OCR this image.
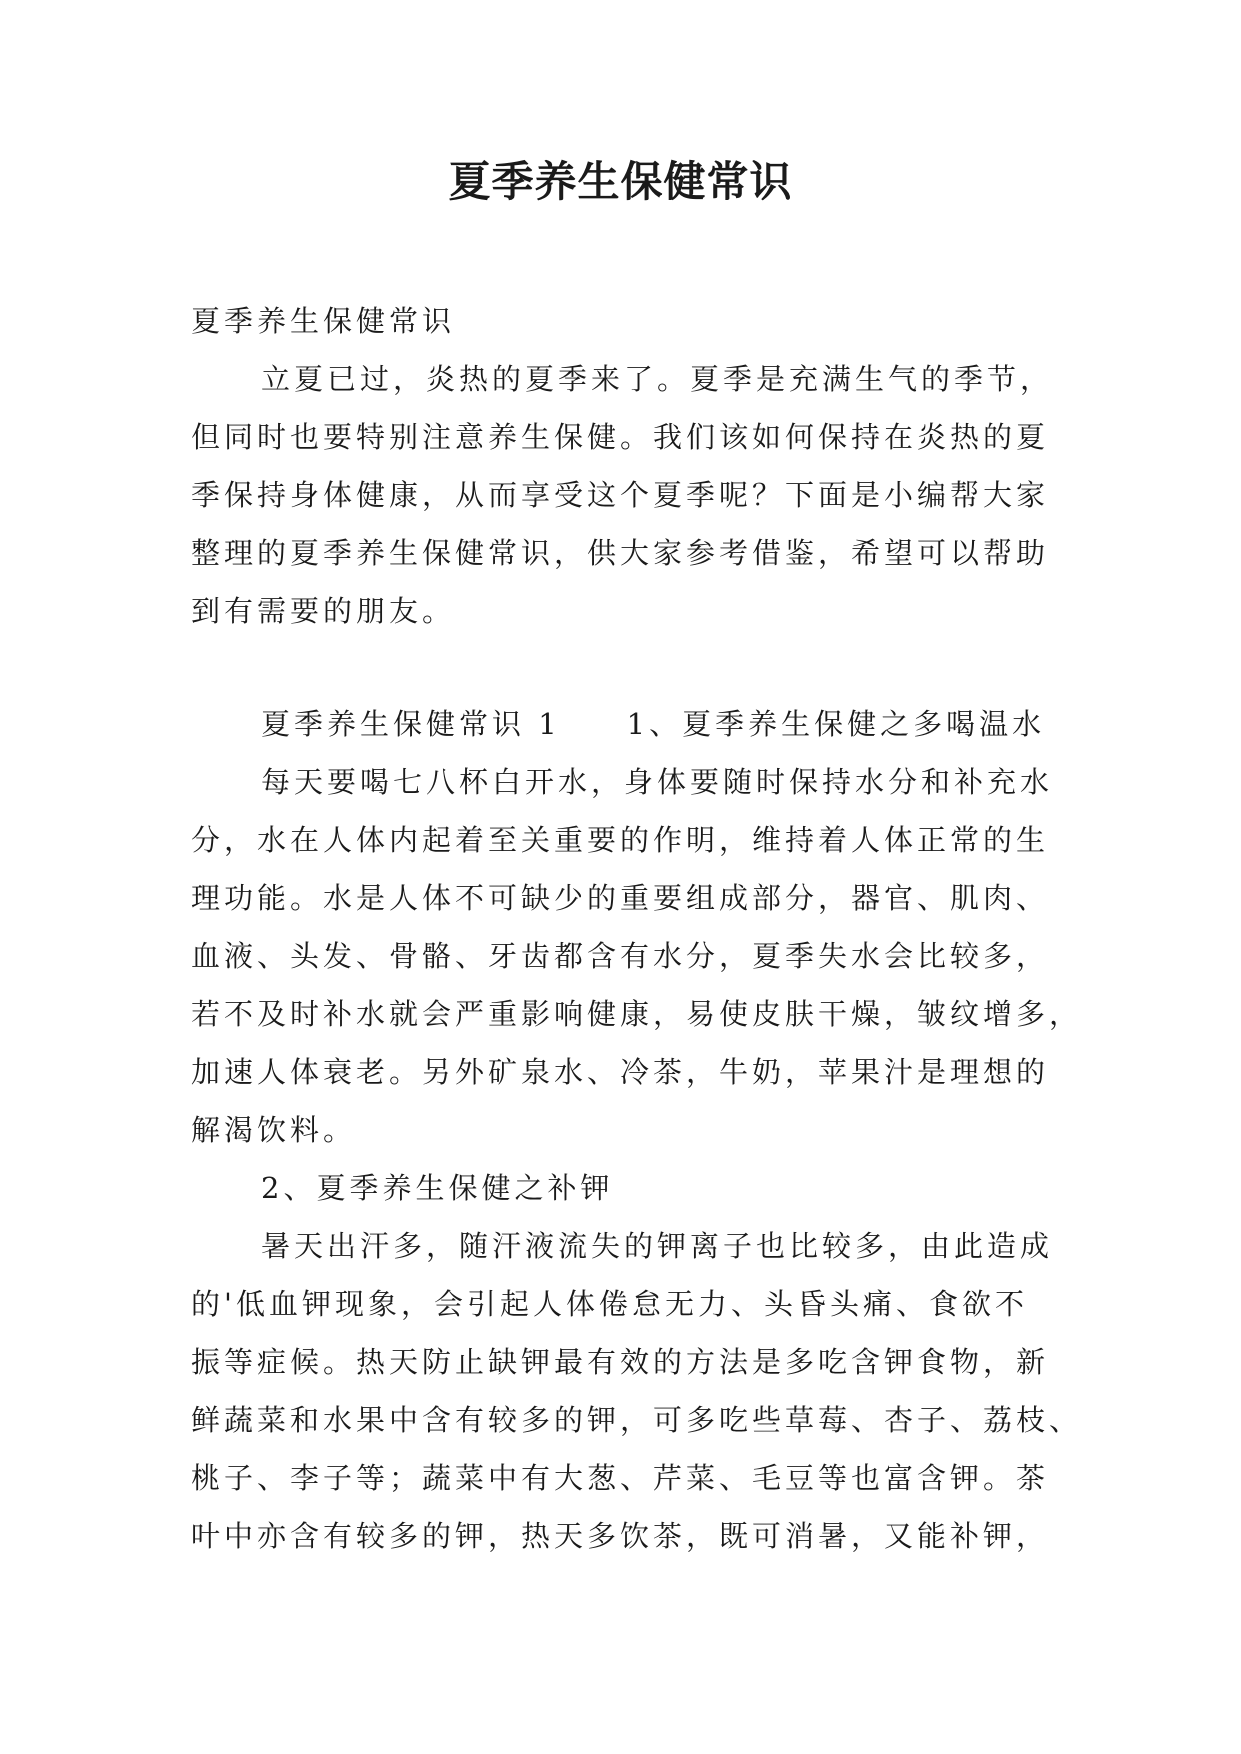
夏季养生保健常识
夏季养生保健常识
立夏已过，炎热的夏季来了。夏季是充满生气的季节，
但同时也要特别注意养生保健。我们该如何保持在炎热的夏
季保持身体健康，从而享受这个夏季呢？下面是小编帮大家
整理的夏季养生保健常识，供大家参考借鉴，希望可以帮助
到有需要的朋友。
夏季养生保健常识 1　　1、夏季养生保健之多喝温水
每天要喝七八杯白开水，身体要随时保持水分和补充水
分，水在人体内起着至关重要的作明，维持着人体正常的生
理功能。水是人体不可缺少的重要组成部分，器官、肌肉、
血液、头发、骨骼、牙齿都含有水分，夏季失水会比较多，
若不及时补水就会严重影响健康，易使皮肤干燥，皱纹增多，
加速人体衰老。另外矿泉水、冷茶，牛奶，苹果汁是理想的
解渴饮料。
2、夏季养生保健之补钾
暑天出汗多，随汗液流失的钾离子也比较多，由此造成
的'低血钾现象，会引起人体倦怠无力、头昏头痛、食欲不
振等症候。热天防止缺钾最有效的方法是多吃含钾食物，新
鲜蔬菜和水果中含有较多的钾，可多吃些草莓、杏子、荔枝、
桃子、李子等；蔬菜中有大葱、芹菜、毛豆等也富含钾。茶
叶中亦含有较多的钾，热天多饮茶，既可消暑，又能补钾，
